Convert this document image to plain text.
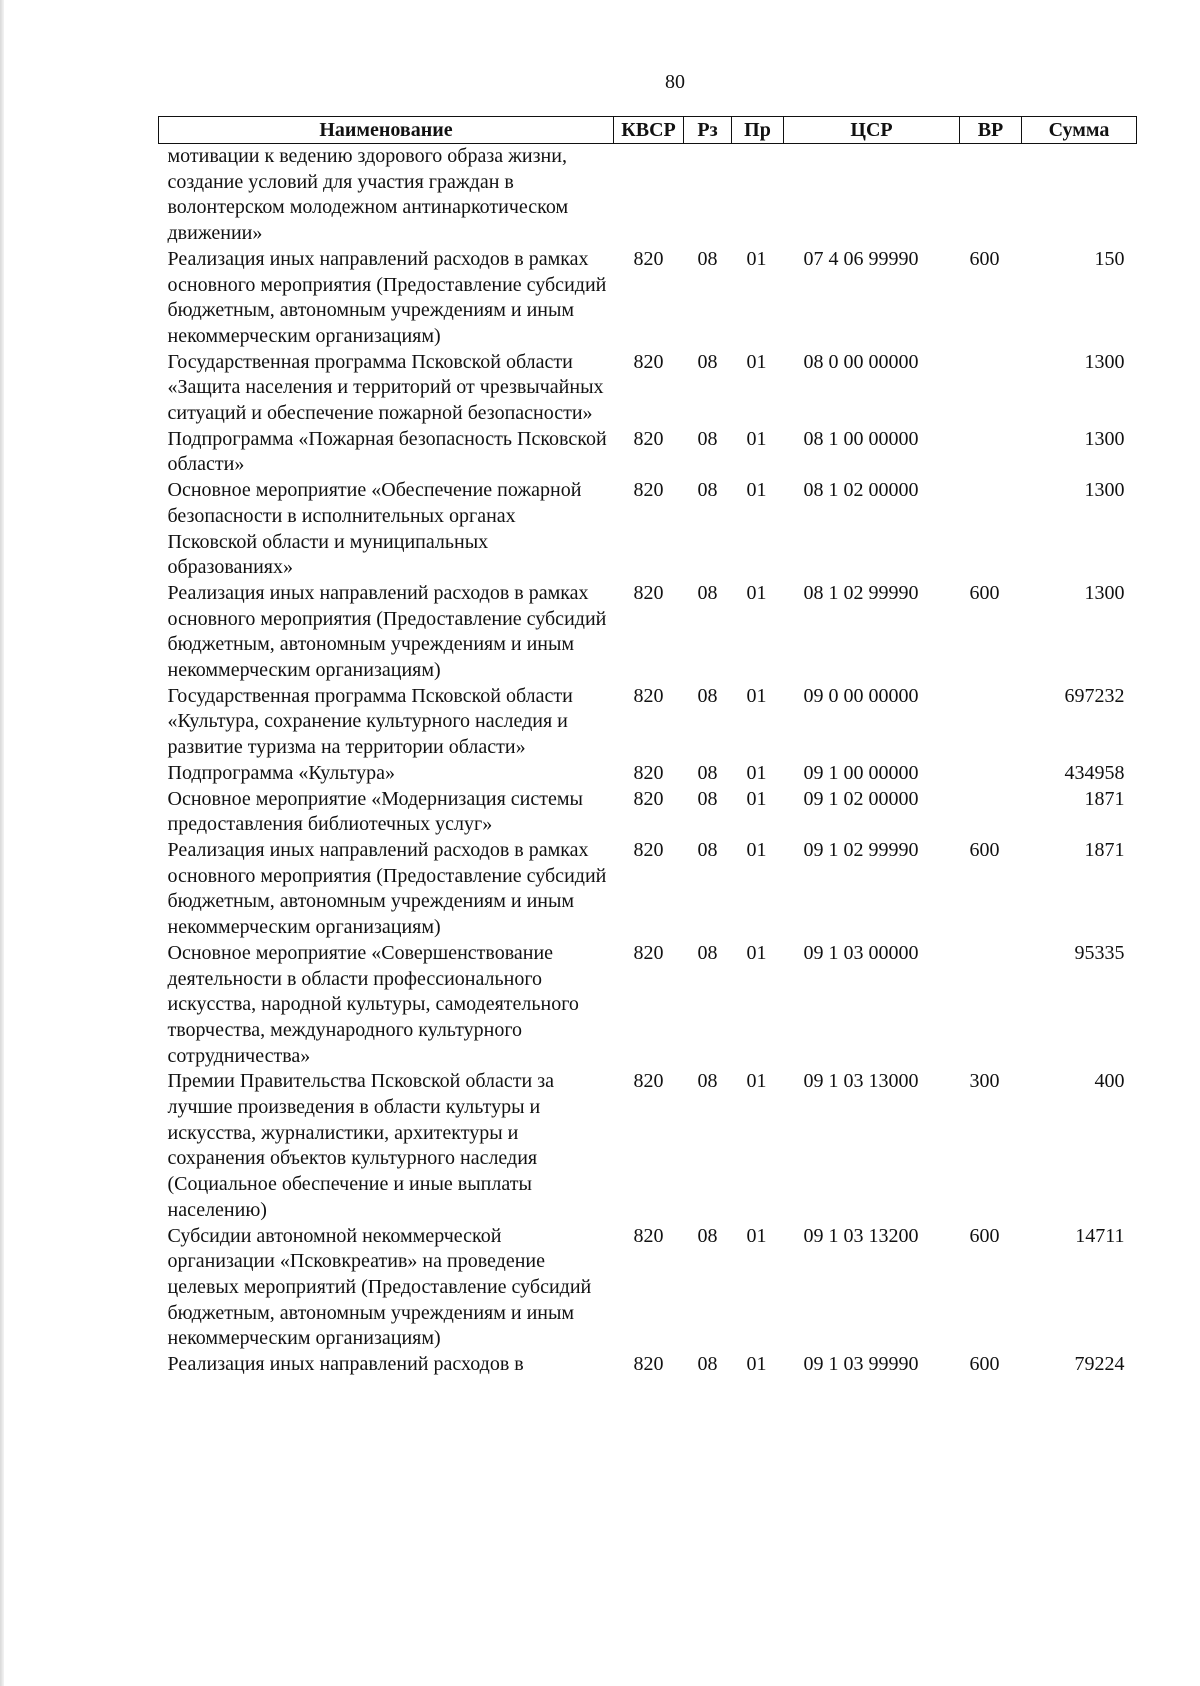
80
Наименование	КВСР	Рз	Пр	ЦСР	ВР	Сумма
мотивации к ведению здорового образа жизни, создание условий для участия граждан в волонтерском молодежном антинаркотическом движении»						
Реализация иных направлений расходов в рамках основного мероприятия (Предоставление субсидий бюджетным, автономным учреждениям и иным некоммерческим организациям)	820	08	01	07 4 06 99990	600	150
Государственная программа Псковской области «Защита населения и территорий от чрезвычайных ситуаций и обеспечение пожарной безопасности»	820	08	01	08 0 00 00000		1300
Подпрограмма «Пожарная безопасность Псковской области»	820	08	01	08 1 00 00000		1300
Основное мероприятие «Обеспечение пожарной безопасности в исполнительных органах Псковской области и муниципальных образованиях»	820	08	01	08 1 02 00000		1300
Реализация иных направлений расходов в рамках основного мероприятия (Предоставление субсидий бюджетным, автономным учреждениям и иным некоммерческим организациям)	820	08	01	08 1 02 99990	600	1300
Государственная программа Псковской области «Культура, сохранение культурного наследия и развитие туризма на территории области»	820	08	01	09 0 00 00000		697232
Подпрограмма «Культура»	820	08	01	09 1 00 00000		434958
Основное мероприятие «Модернизация системы предоставления библиотечных услуг»	820	08	01	09 1 02 00000		1871
Реализация иных направлений расходов в рамках основного мероприятия (Предоставление субсидий бюджетным, автономным учреждениям и иным некоммерческим организациям)	820	08	01	09 1 02 99990	600	1871
Основное мероприятие «Совершенствование деятельности в области профессионального искусства, народной культуры, самодеятельного творчества, международного культурного сотрудничества»	820	08	01	09 1 03 00000		95335
Премии Правительства Псковской области за лучшие произведения в области культуры и искусства, журналистики, архитектуры и сохранения объектов культурного наследия (Социальное обеспечение и иные выплаты населению)	820	08	01	09 1 03 13000	300	400
Субсидии автономной некоммерческой организации «Псковкреатив» на проведение целевых мероприятий (Предоставление субсидий бюджетным, автономным учреждениям и иным некоммерческим организациям)	820	08	01	09 1 03 13200	600	14711
Реализация иных направлений расходов в	820	08	01	09 1 03 99990	600	79224
